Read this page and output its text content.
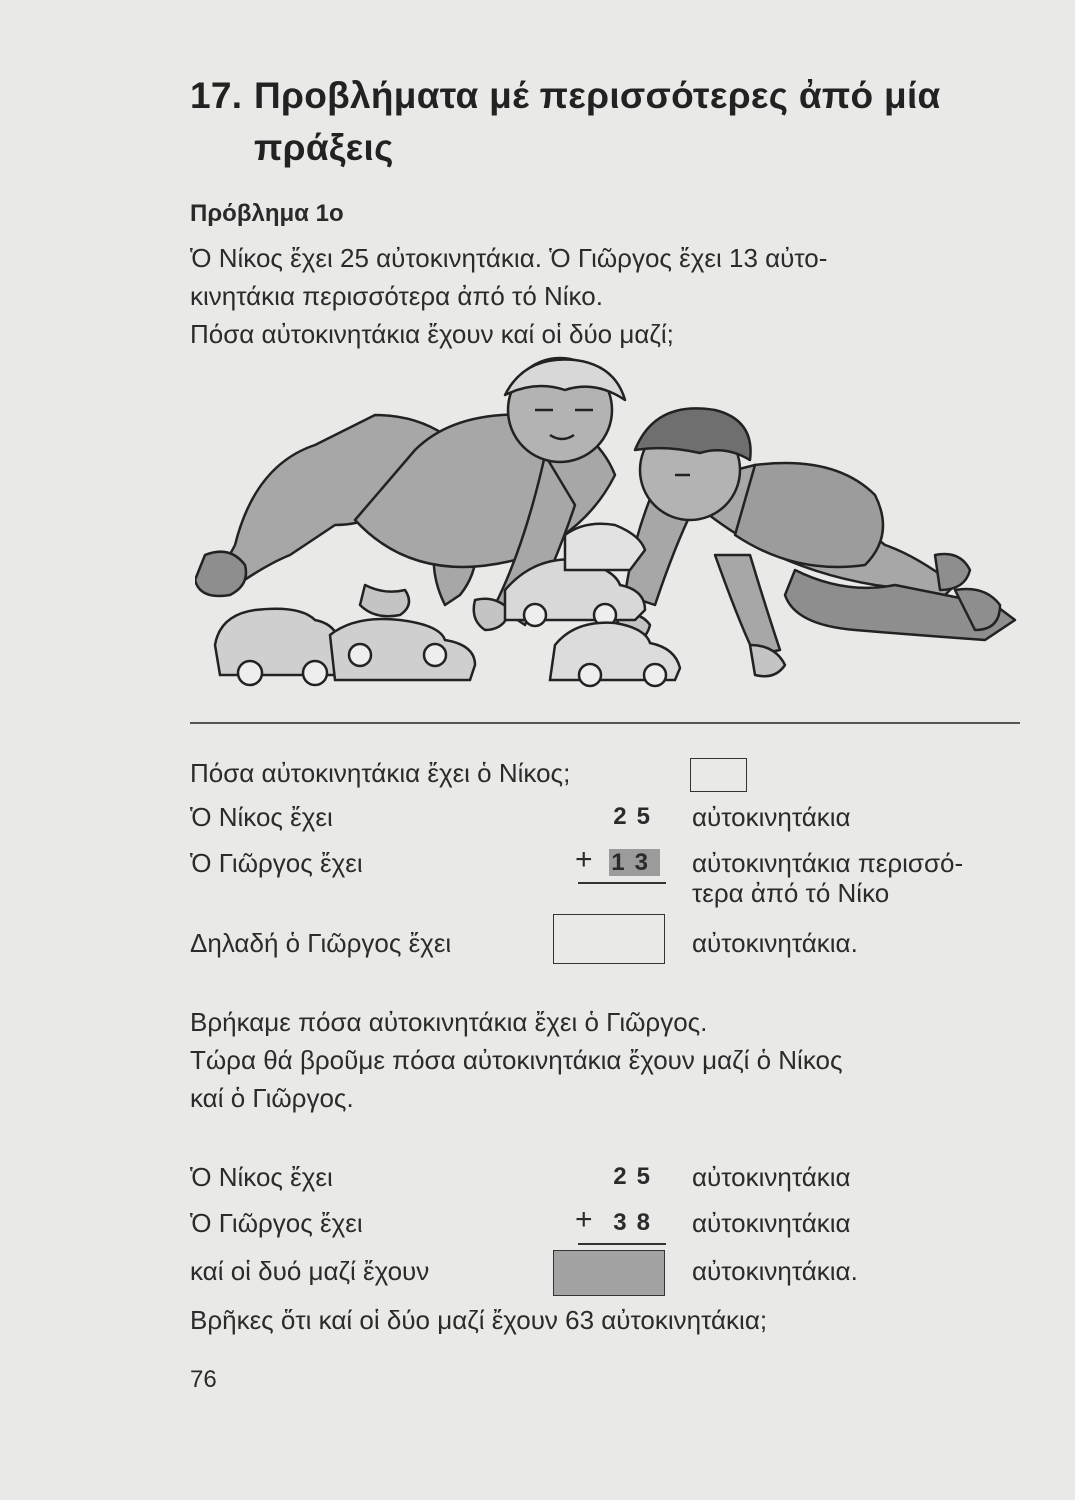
17. Προβλήματα μέ περισσότερες ἀπό μία
πράξεις
Πρόβλημα 1ο
Ὁ Νίκος ἔχει 25 αὐτοκινητάκια. Ὁ Γιῶργος ἔχει 13 αὐτο-
κινητάκια περισσότερα ἀπό τό Νίκο.
Πόσα αὐτοκινητάκια ἔχουν καί οἱ δύο μαζί;
Πόσα αὐτοκινητάκια ἔχει ὁ Νίκος;
Ὁ Νίκος ἔχει	25 αὐτοκινητάκια
Ὁ Γιῶργος ἔχει	+ 13 αὐτοκινητάκια περισσό-
τερα ἀπό τό Νίκο
Δηλαδή ὁ Γιῶργος ἔχει	αὐτοκινητάκια.
Βρήκαμε πόσα αὐτοκινητάκια ἔχει ὁ Γιῶργος.
Τώρα θά βροῦμε πόσα αὐτοκινητάκια ἔχουν μαζί ὁ Νίκος
καί ὁ Γιῶργος.
Ὁ Νίκος ἔχει	25 αὐτοκινητάκια
Ὁ Γιῶργος ἔχει	+ 38 αὐτοκινητάκια
καί οἱ δυό μαζί ἔχουν	αὐτοκινητάκια.
Βρῆκες ὅτι καί οἱ δύο μαζί ἔχουν 63 αὐτοκινητάκια;
76
